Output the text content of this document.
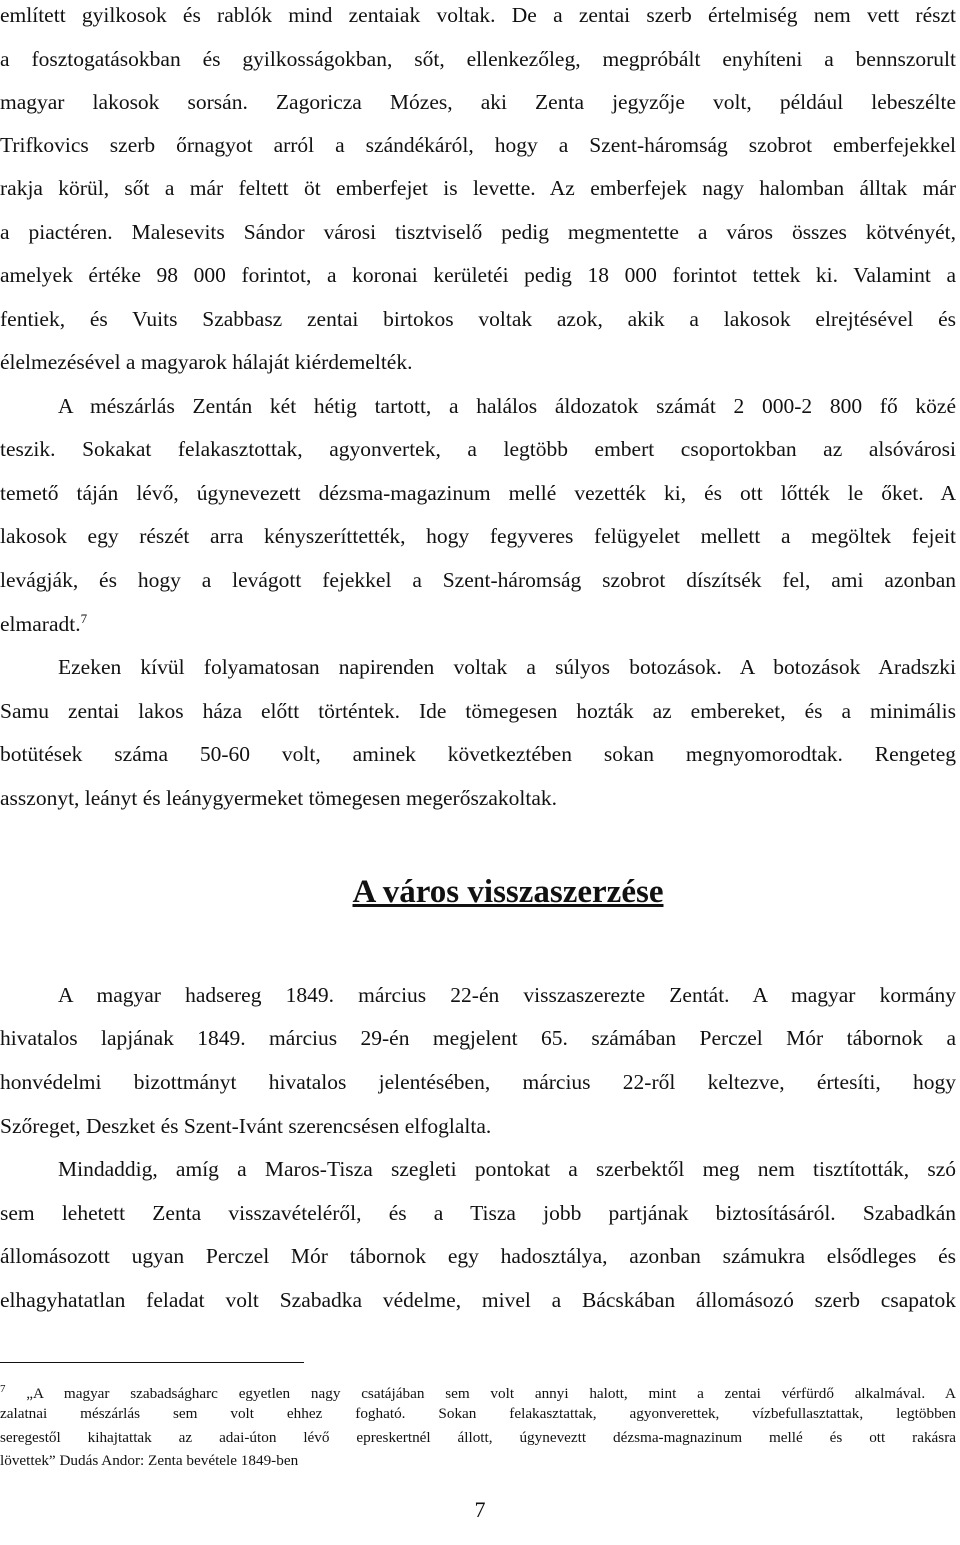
említett gyilkosok és rablók mind zentaiak voltak. De a zentai szerb értelmiség nem vett részt
a fosztogatásokban és gyilkosságokban, sőt, ellenkezőleg, megpróbált enyhíteni a bennszorult
magyar lakosok sorsán. Zagoricza Mózes, aki Zenta jegyzője volt, például lebeszélte
Trifkovics szerb őrnagyot arról a szándékáról, hogy a Szent-háromság szobrot emberfejekkel
rakja körül, sőt a már feltett öt emberfejet is levette. Az emberfejek nagy halomban álltak már
a piactéren. Malesevits Sándor városi tisztviselő pedig megmentette a város összes kötvényét,
amelyek értéke 98 000 forintot, a koronai kerületéi pedig 18 000 forintot tettek ki. Valamint a
fentiek, és Vuits Szabbasz zentai birtokos voltak azok, akik a lakosok elrejtésével és
élelmezésével a magyarok hálaját kiérdemelték.
A mészárlás Zentán két hétig tartott, a halálos áldozatok számát 2 000-2 800 fő közé
teszik. Sokakat felakasztottak, agyonvertek, a legtöbb embert csoportokban az alsóvárosi
temető táján lévő, úgynevezett dézsma-magazinum mellé vezették ki, és ott lőtték le őket. A
lakosok egy részét arra kényszeríttették, hogy fegyveres felügyelet mellett a megöltek fejeit
levágják, és hogy a levágott fejekkel a Szent-háromság szobrot díszítsék fel, ami azonban
elmaradt.$^7$
Ezeken kívül folyamatosan napirenden voltak a súlyos botozások. A botozások Aradszki
Samu zentai lakos háza előtt történtek. Ide tömegesen hozták az embereket, és a minimális
botütések száma 50-60 volt, aminek következtében sokan megnyomorodtak. Rengeteg
asszonyt, leányt és leánygyermeket tömegesen megerőszakoltak.
A város visszaszerzése
A magyar hadsereg 1849. március 22-én visszaszerezte Zentát. A magyar kormány
hivatalos lapjának 1849. március 29-én megjelent 65. számában Perczel Mór tábornok a
honvédelmi bizottmányt hivatalos jelentésében, március 22-ről keltezve, értesíti, hogy
Szőreget, Deszket és Szent-Ivánt szerencsésen elfoglalta.
Mindaddig, amíg a Maros-Tisza szegleti pontokat a szerbektől meg nem tisztították, szó
sem lehetett Zenta visszavételéről, és a Tisza jobb partjának biztosításáról. Szabadkán
állomásozott ugyan Perczel Mór tábornok egy hadosztálya, azonban számukra elsődleges és
elhagyhatatlan feladat volt Szabadka védelme, mivel a Bácskában állomásozó szerb csapatok
$^7$ „A magyar szabadságharc egyetlen nagy csatájában sem volt annyi halott, mint a zentai vérfürdő alkalmával. A
zalatnai mészárlás sem volt ehhez fogható. Sokan felakasztattak, agyonverettek, vízbefullasztattak, legtöbben
seregestől kihajtattak az adai-úton lévő epreskertnél állott, úgyneveztt dézsma-magnazinum mellé és ott rakásra
lövettek” Dudás Andor: Zenta bevétele 1849-ben
7
